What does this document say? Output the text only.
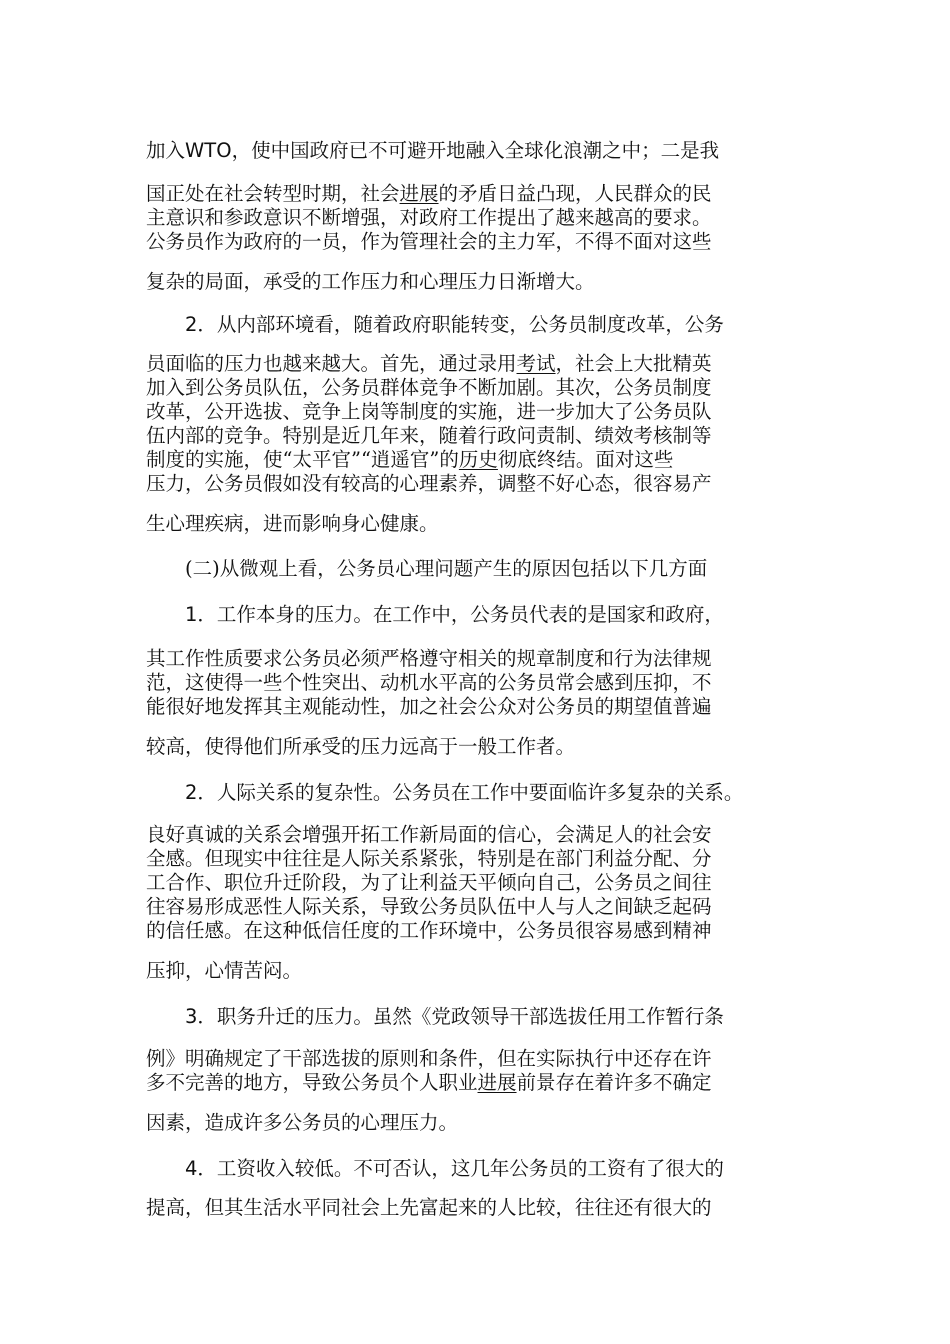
加入WTO，使中国政府已不可避开地融入全球化浪潮之中；二是我
国正处在社会转型时期，社会进展的矛盾日益凸现，人民群众的民
主意识和参政意识不断增强，对政府工作提出了越来越高的要求。
公务员作为政府的一员，作为管理社会的主力军，不得不面对这些
复杂的局面，承受的工作压力和心理压力日渐增大。
2．从内部环境看，随着政府职能转变，公务员制度改革，公务
员面临的压力也越来越大。首先，通过录用考试，社会上大批精英
加入到公务员队伍，公务员群体竞争不断加剧。其次，公务员制度
改革，公开选拔、竞争上岗等制度的实施，进一步加大了公务员队
伍内部的竞争。特别是近几年来，随着行政问责制、绩效考核制等
制度的实施，使“太平官”“逍遥官”的历史彻底终结。面对这些
压力，公务员假如没有较高的心理素养，调整不好心态，很容易产
生心理疾病，进而影响身心健康。
(二)从微观上看，公务员心理问题产生的原因包括以下几方面
1．工作本身的压力。在工作中，公务员代表的是国家和政府，
其工作性质要求公务员必须严格遵守相关的规章制度和行为法律规
范，这使得一些个性突出、动机水平高的公务员常会感到压抑，不
能很好地发挥其主观能动性，加之社会公众对公务员的期望值普遍
较高，使得他们所承受的压力远高于一般工作者。
2．人际关系的复杂性。公务员在工作中要面临许多复杂的关系。
良好真诚的关系会增强开拓工作新局面的信心，会满足人的社会安
全感。但现实中往往是人际关系紧张，特别是在部门利益分配、分
工合作、职位升迁阶段，为了让利益天平倾向自己，公务员之间往
往容易形成恶性人际关系，导致公务员队伍中人与人之间缺乏起码
的信任感。在这种低信任度的工作环境中，公务员很容易感到精神
压抑，心情苦闷。
3．职务升迁的压力。虽然《党政领导干部选拔任用工作暂行条
例》明确规定了干部选拔的原则和条件，但在实际执行中还存在许
多不完善的地方，导致公务员个人职业进展前景存在着许多不确定
因素，造成许多公务员的心理压力。
4．工资收入较低。不可否认，这几年公务员的工资有了很大的
提高，但其生活水平同社会上先富起来的人比较，往往还有很大的
